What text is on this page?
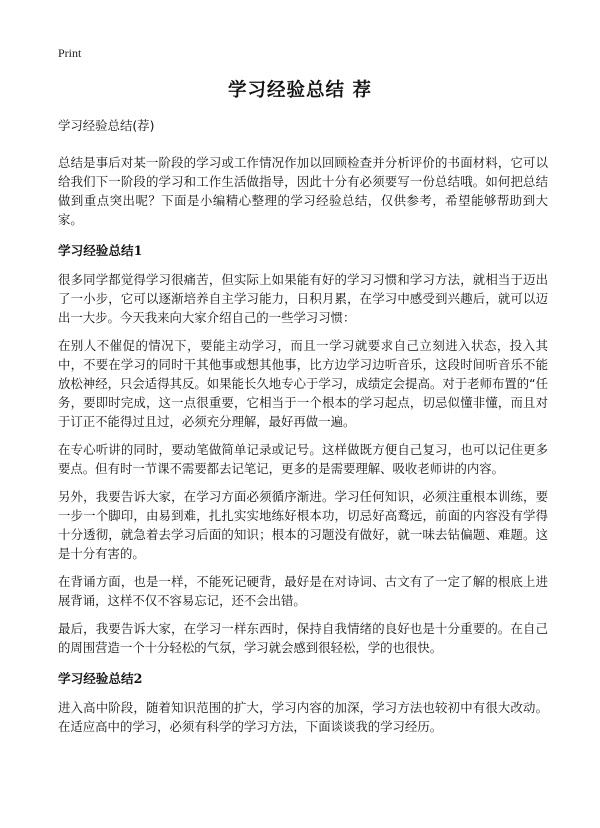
Print
学习经验总结 荐

学习经验总结(荐)

总结是事后对某一阶段的学习或工作情况作加以回顾检查并分析评价的书面材料，它可以给我们下一阶段的学习和工作生活做指导，因此十分有必须要写一份总结哦。如何把总结做到重点突出呢？下面是小编精心整理的学习经验总结，仅供参考，希望能够帮助到大家。

学习经验总结1

很多同学都觉得学习很痛苦，但实际上如果能有好的学习习惯和学习方法，就相当于迈出了一小步，它可以逐渐培养自主学习能力，日积月累，在学习中感受到兴趣后，就可以迈出一大步。今天我来向大家介绍自己的一些学习习惯：

在别人不催促的情况下，要能主动学习，而且一学习就要求自己立刻进入状态，投入其中，不要在学习的同时干其他事或想其他事，比方边学习边听音乐，这段时间听音乐不能放松神经，只会适得其反。如果能长久地专心于学习，成绩定会提高。对于老师布置的“任务，要即时完成，这一点很重要，它相当于一个根本的学习起点，切忌似懂非懂，而且对于订正不能得过且过，必须充分理解，最好再做一遍。

在专心听讲的同时，要动笔做简单记录或记号。这样做既方便自己复习，也可以记住更多要点。但有时一节课不需要都去记笔记，更多的是需要理解、吸收老师讲的内容。

另外，我要告诉大家，在学习方面必须循序渐进。学习任何知识，必须注重根本训练，要一步一个脚印，由易到难，扎扎实实地练好根本功，切忌好高鹜远，前面的内容没有学得十分透彻，就急着去学习后面的知识；根本的习题没有做好，就一味去钻偏题、难题。这是十分有害的。

在背诵方面，也是一样，不能死记硬背，最好是在对诗词、古文有了一定了解的根底上进展背诵，这样不仅不容易忘记，还不会出错。

最后，我要告诉大家，在学习一样东西时，保持自我情绪的良好也是十分重要的。在自己的周围营造一个十分轻松的气氛，学习就会感到很轻松，学的也很快。

学习经验总结2

进入高中阶段，随着知识范围的扩大，学习内容的加深，学习方法也较初中有很大改动。在适应高中的学习，必须有科学的学习方法，下面谈谈我的学习经历。
